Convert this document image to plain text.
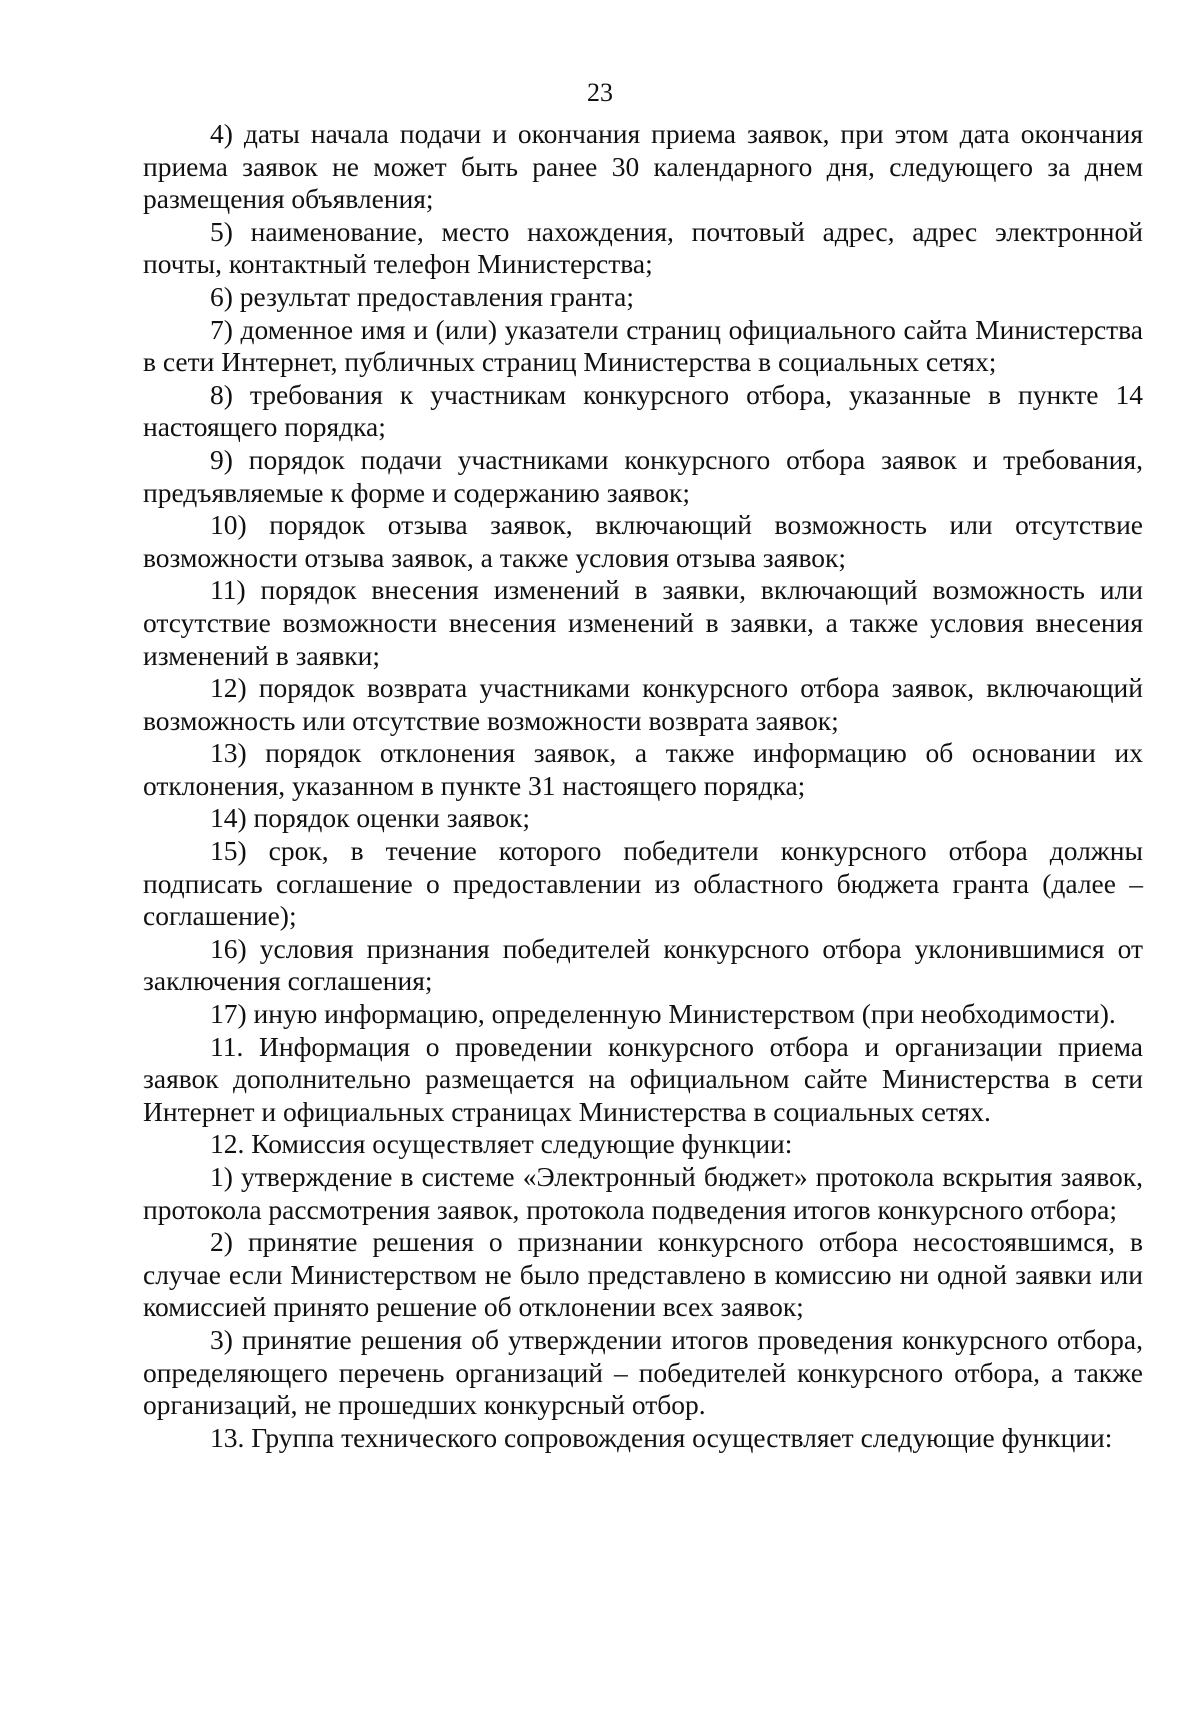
23

4) даты начала подачи и окончания приема заявок, при этом дата окончания приема заявок не может быть ранее 30 календарного дня, следующего за днем размещения объявления;

5) наименование, место нахождения, почтовый адрес, адрес электронной почты, контактный телефон Министерства;

6) результат предоставления гранта;

7) доменное имя и (или) указатели страниц официального сайта Министерства в сети Интернет, публичных страниц Министерства в социальных сетях;

8) требования к участникам конкурсного отбора, указанные в пункте 14 настоящего порядка;

9) порядок подачи участниками конкурсного отбора заявок и требования, предъявляемые к форме и содержанию заявок;

10) порядок отзыва заявок, включающий возможность или отсутствие возможности отзыва заявок, а также условия отзыва заявок;

11) порядок внесения изменений в заявки, включающий возможность или отсутствие возможности внесения изменений в заявки, а также условия внесения изменений в заявки;

12) порядок возврата участниками конкурсного отбора заявок, включающий возможность или отсутствие возможности возврата заявок;

13) порядок отклонения заявок, а также информацию об основании их отклонения, указанном в пункте 31 настоящего порядка;

14) порядок оценки заявок;

15) срок, в течение которого победители конкурсного отбора должны подписать соглашение о предоставлении из областного бюджета гранта (далее – соглашение);

16) условия признания победителей конкурсного отбора уклонившимися от заключения соглашения;

17) иную информацию, определенную Министерством (при необходимости).

11. Информация о проведении конкурсного отбора и организации приема заявок дополнительно размещается на официальном сайте Министерства в сети Интернет и официальных страницах Министерства в социальных сетях.

12. Комиссия осуществляет следующие функции:

1) утверждение в системе «Электронный бюджет» протокола вскрытия заявок, протокола рассмотрения заявок, протокола подведения итогов конкурсного отбора;

2) принятие решения о признании конкурсного отбора несостоявшимся, в случае если Министерством не было представлено в комиссию ни одной заявки или комиссией принято решение об отклонении всех заявок;

3) принятие решения об утверждении итогов проведения конкурсного отбора, определяющего перечень организаций – победителей конкурсного отбора, а также организаций, не прошедших конкурсный отбор.

13. Группа технического сопровождения осуществляет следующие функции:
